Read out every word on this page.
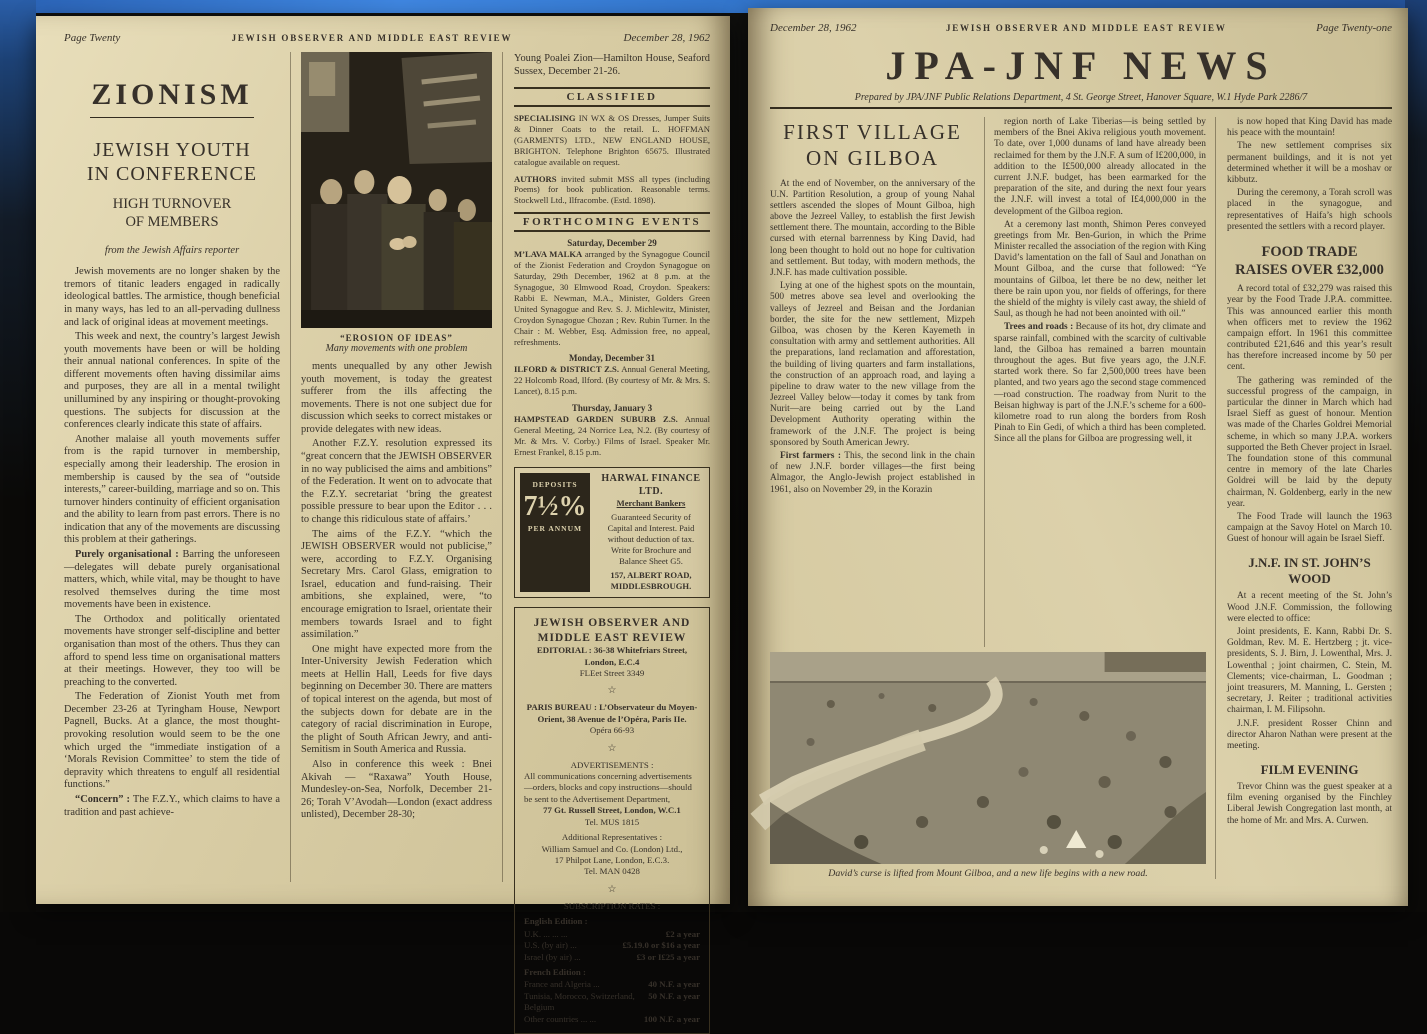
Page Twenty	JEWISH OBSERVER AND MIDDLE EAST REVIEW	December 28, 1962
ZIONISM
JEWISH YOUTH
IN CONFERENCE
HIGH TURNOVER
OF MEMBERS
from the Jewish Affairs reporter

Jewish movements are no longer shaken by the tremors of titanic leaders engaged in radically ideological battles. The armistice, though beneficial in many ways, has led to an all-pervading dullness and lack of original ideas at movement meetings.

This week and next, the country’s largest Jewish youth movements have been or will be holding their annual national conferences. In spite of the different movements often having dissimilar aims and purposes, they are all in a mental twilight unillumined by any inspiring or thought-provoking questions. The subjects for discussion at the conferences clearly indicate this state of affairs.

Another malaise all youth movements suffer from is the rapid turnover in membership, especially among their leadership. The erosion in membership is caused by the sea of “outside interests,” career-building, marriage and so on. This turnover hinders continuity of efficient organisation and the ability to learn from past errors. There is no indication that any of the movements are discussing this problem at their gatherings.

Purely organisational : Barring the unforeseen—delegates will debate purely organisational matters, which, while vital, may be thought to have resolved themselves during the time most movements have been in existence.

The Orthodox and politically orientated movements have stronger self-discipline and better organisation than most of the others. Thus they can afford to spend less time on organisational matters at their meetings. However, they too will be preaching to the converted.

The Federation of Zionist Youth met from December 23-26 at Tyringham House, Newport Pagnell, Bucks. At a glance, the most thought-provoking resolution would seem to be the one which urged the “immediate instigation of a ‘Morals Revision Committee’ to stem the tide of depravity which threatens to engulf all residential functions.”

“Concern” : The F.Z.Y., which claims to have a tradition and past achieve-

“EROSION OF IDEAS”
Many movements with one problem

ments unequalled by any other Jewish youth movement, is today the greatest sufferer from the ills affecting the movements. There is not one subject due for discussion which seeks to correct mistakes or provide delegates with new ideas.

Another F.Z.Y. resolution expressed its “great concern that the JEWISH OBSERVER in no way publicised the aims and ambitions” of the Federation. It went on to advocate that the F.Z.Y. secretariat ‘bring the greatest possible pressure to bear upon the Editor . . . to change this ridiculous state of affairs.’

The aims of the F.Z.Y. “which the JEWISH OBSERVER would not publicise,” were, according to F.Z.Y. Organising Secretary Mrs. Carol Glass, emigration to Israel, education and fund-raising. Their ambitions, she explained, were, “to encourage emigration to Israel, orientate their members towards Israel and to fight assimilation.”

One might have expected more from the Inter-University Jewish Federation which meets at Hellin Hall, Leeds for five days beginning on December 30. There are matters of topical interest on the agenda, but most of the subjects down for debate are in the category of racial discrimination in Europe, the plight of South African Jewry, and anti-Semitism in South America and Russia.

Also in conference this week : Bnei Akivah — “Raxawa” Youth House, Mundesley-on-Sea, Norfolk, December 21-26; Torah V’Avodah—London (exact address unlisted), December 28-30;

Young Poalei Zion—Hamilton House, Seaford Sussex, December 21-26.

CLASSIFIED

SPECIALISING IN WX & OS Dresses, Jumper Suits & Dinner Coats to the retail. L. HOFFMAN (GARMENTS) LTD., NEW ENGLAND HOUSE, BRIGHTON. Telephone Brighton 65675. Illustrated catalogue available on request.

AUTHORS invited submit MSS all types (including Poems) for book publication. Reasonable terms. Stockwell Ltd., Ilfracombe. (Estd. 1898).

FORTHCOMING EVENTS
Saturday, December 29

M’LAVA MALKA arranged by the Synagogue Council of the Zionist Federation and Croydon Synagogue on Saturday, 29th December, 1962 at 8 p.m. at the Synagogue, 30 Elmwood Road, Croydon. Speakers: Rabbi E. Newman, M.A., Minister, Golders Green United Synagogue and Rev. S. J. Michlewitz, Minister, Croydon Synagogue Chozan ; Rev. Rubin Turner. In the Chair : M. Webber, Esq. Admission free, no appeal, refreshments.

Monday, December 31

ILFORD & DISTRICT Z.S. Annual General Meeting, 22 Holcomb Road, Ilford. (By courtesy of Mr. & Mrs. S. Lancet), 8.15 p.m.

Thursday, January 3

HAMPSTEAD GARDEN SUBURB Z.S. Annual General Meeting, 24 Norrice Lea, N.2. (By courtesy of Mr. & Mrs. V. Corby.) Films of Israel. Speaker Mr. Ernest Frankel, 8.15 p.m.

DEPOSITS
7½%
PER ANNUM
HARWAL FINANCE LTD.
Merchant Bankers
Guaranteed Security of Capital and Interest. Paid without deduction of tax. Write for Brochure and Balance Sheet G5.
157, ALBERT ROAD,
MIDDLESBROUGH.
JEWISH OBSERVER AND
MIDDLE EAST REVIEW
EDITORIAL : 36-38 Whitefriars Street,
London, E.C.4
FLEet Street 3349
☆
PARIS BUREAU : L’Observateur du Moyen-
Orient, 38 Avenue de l’Opéra, Paris IIe.
Opéra 66-93
☆
ADVERTISEMENTS :
All communications concerning advertisements—orders, blocks and copy instructions—should be sent to the Advertisement Department,
77 Gt. Russell Street, London, W.C.1
Tel. MUS 1815
Additional Representatives :
William Samuel and Co. (London) Ltd.,
17 Philpot Lane, London, E.C.3.
Tel. MAN 0428
☆
SUBSCRIPTION RATES :
English Edition :
U.K. ... ... ...	£2 a year
U.S. (by air) ...	£5.19.0 or $16 a year
Israel (by air) ...	£3 or I£25 a year
French Edition :
France and Algeria ...	40 N.F. a year
Tunisia, Morocco, Switzerland, Belgium
50 N.F. a year
Other countries ... ...	100 N.F. a year
December 28, 1962	JEWISH OBSERVER AND MIDDLE EAST REVIEW	Page Twenty-one
JPA-JNF NEWS
Prepared by JPA/JNF Public Relations Department, 4 St. George Street, Hanover Square, W.1 Hyde Park 2286/7
FIRST VILLAGE
ON GILBOA

At the end of November, on the anniversary of the U.N. Partition Resolution, a group of young Nahal settlers ascended the slopes of Mount Gilboa, high above the Jezreel Valley, to establish the first Jewish settlement there. The mountain, according to the Bible cursed with eternal barrenness by King David, had long been thought to hold out no hope for cultivation and settlement. But today, with modern methods, the J.N.F. has made cultivation possible.

Lying at one of the highest spots on the mountain, 500 metres above sea level and overlooking the valleys of Jezreel and Beisan and the Jordanian border, the site for the new settlement, Mizpeh Gilboa, was chosen by the Keren Kayemeth in consultation with army and settlement authorities. All the preparations, land reclamation and afforestation, the building of living quarters and farm installations, the construction of an approach road, and laying a pipeline to draw water to the new village from the Jezreel Valley below—today it comes by tank from Nurit—are being carried out by the Land Development Authority operating within the framework of the J.N.F. The project is being sponsored by South American Jewry.

First farmers : This, the second link in the chain of new J.N.F. border villages—the first being Almagor, the Anglo-Jewish project established in 1961, also on November 29, in the Korazin

region north of Lake Tiberias—is being settled by members of the Bnei Akiva religious youth movement. To date, over 1,000 dunams of land have already been reclaimed for them by the J.N.F. A sum of I£200,000, in addition to the I£500,000 already allocated in the current J.N.F. budget, has been earmarked for the preparation of the site, and during the next four years the J.N.F. will invest a total of I£4,000,000 in the development of the Gilboa region.

At a ceremony last month, Shimon Peres conveyed greetings from Mr. Ben-Gurion, in which the Prime Minister recalled the association of the region with King David’s lamentation on the fall of Saul and Jonathan on Mount Gilboa, and the curse that followed: “Ye mountains of Gilboa, let there be no dew, neither let there be rain upon you, nor fields of offerings, for there the shield of the mighty is vilely cast away, the shield of Saul, as though he had not been anointed with oil.”

Trees and roads : Because of its hot, dry climate and sparse rainfall, combined with the scarcity of cultivable land, the Gilboa has remained a barren mountain throughout the ages. But five years ago, the J.N.F. started work there. So far 2,500,000 trees have been planted, and two years ago the second stage commenced—road construction. The roadway from Nurit to the Beisan highway is part of the J.N.F.’s scheme for a 600-kilometre road to run along the borders from Rosh Pinah to Ein Gedi, of which a third has been completed. Since all the plans for Gilboa are progressing well, it

David’s curse is lifted from Mount Gilboa, and a new life begins with a new road.

is now hoped that King David has made his peace with the mountain!

The new settlement comprises six permanent buildings, and it is not yet determined whether it will be a moshav or kibbutz.

During the ceremony, a Torah scroll was placed in the synagogue, and representatives of Haifa’s high schools presented the settlers with a record player.

FOOD TRADE
RAISES OVER £32,000

A record total of £32,279 was raised this year by the Food Trade J.P.A. committee. This was announced earlier this month when officers met to review the 1962 campaign effort. In 1961 this committee contributed £21,646 and this year’s result has therefore increased income by 50 per cent.

The gathering was reminded of the successful progress of the campaign, in particular the dinner in March which had Israel Sieff as guest of honour. Mention was made of the Charles Goldrei Memorial scheme, in which so many J.P.A. workers supported the Beth Chever project in Israel. The foundation stone of this communal centre in memory of the late Charles Goldrei will be laid by the deputy chairman, N. Goldenberg, early in the new year.

The Food Trade will launch the 1963 campaign at the Savoy Hotel on March 10. Guest of honour will again be Israel Sieff.

J.N.F. IN ST. JOHN’S WOOD

At a recent meeting of the St. John’s Wood J.N.F. Commission, the following were elected to office:

Joint presidents, E. Kann, Rabbi Dr. S. Goldman, Rev. M. E. Hertzberg ; jt. vice-presidents, S. J. Birn, J. Lowenthal, Mrs. J. Lowenthal ; joint chairmen, C. Stein, M. Clements; vice-chairman, L. Goodman ; joint treasurers, M. Manning, L. Gersten ; secretary, J. Reiter ; traditional activities chairman, I. M. Filipsohn.

J.N.F. president Rosser Chinn and director Aharon Nathan were present at the meeting.

FILM EVENING

Trevor Chinn was the guest speaker at a film evening organised by the Finchley Liberal Jewish Congregation last month, at the home of Mr. and Mrs. A. Curwen.
